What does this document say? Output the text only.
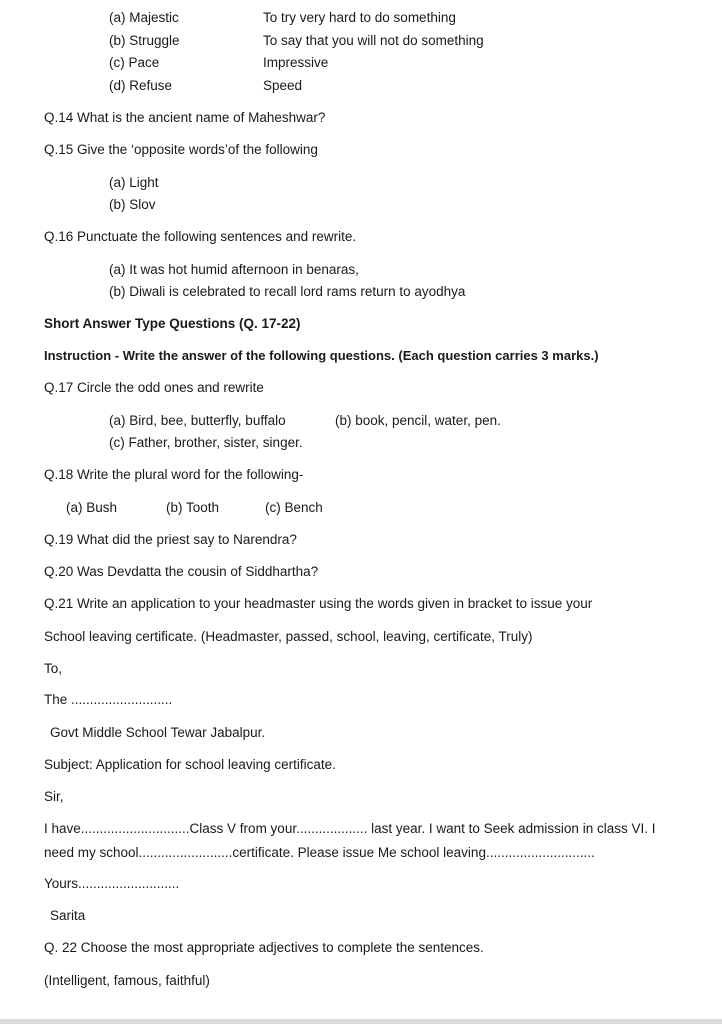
(a) Majestic	To try very hard to do something
(b) Struggle	To say that you will not do something
(c) Pace	Impressive
(d) Refuse	Speed
Q.14 What is the ancient name of Maheshwar?
Q.15 Give the ‘opposite words’of the following
(a) Light
(b) Slov
Q.16 Punctuate the following sentences and rewrite.
(a) It was hot humid afternoon in benaras,
(b) Diwali is celebrated to recall lord rams return to ayodhya
Short Answer Type Questions (Q. 17-22)
Instruction - Write the answer of the following questions. (Each question carries 3 marks.)
Q.17 Circle the odd ones and rewrite
(a) Bird, bee, butterfly, buffalo	(b) book, pencil, water, pen.
(c) Father, brother, sister, singer.
Q.18 Write the plural word for the following-
(a) Bush	(b) Tooth	(c) Bench
Q.19 What did the priest say to Narendra?
Q.20 Was Devdatta the cousin of Siddhartha?
Q.21 Write an application to your headmaster using the words given in bracket to issue your
School leaving certificate. (Headmaster, passed, school, leaving, certificate, Truly)
To,
The ...........................
Govt Middle School Tewar Jabalpur.
Subject: Application for school leaving certificate.
Sir,
I have.............................Class V from your................... last year. I want to Seek admission in class VI. I
need my school.........................certificate. Please issue Me school leaving.............................
Yours...........................
Sarita
Q. 22 Choose the most appropriate adjectives to complete the sentences.
(Intelligent, famous, faithful)
